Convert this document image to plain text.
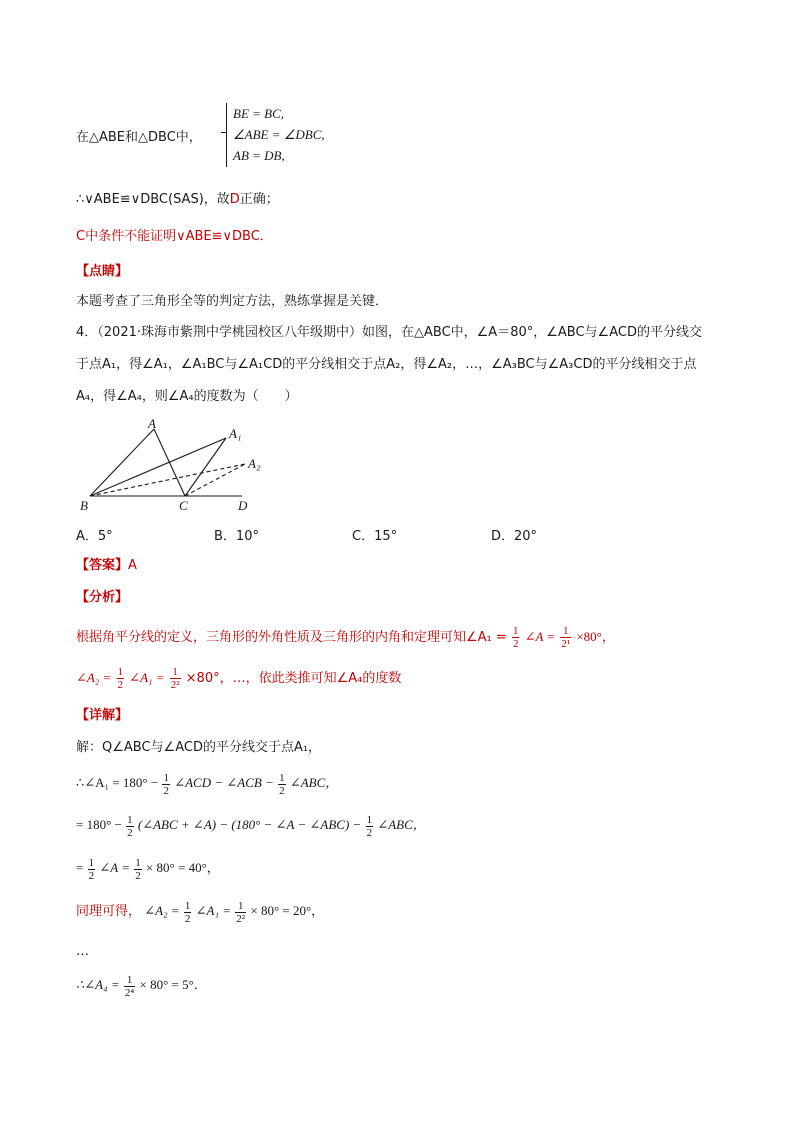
在△ABE和△DBC中，
BE = BC,
∠ABE = ∠DBC,
AB = DB,
∴∨ABE≌∨DBC(SAS)，故D正确；
C中条件不能证明∨ABE≌∨DBC．
【点睛】
本题考查了三角形全等的判定方法，熟练掌握是关键．
4．（2021·珠海市紫荆中学桃园校区八年级期中）如图，在△ABC中，∠A＝80°，∠ABC与∠ACD的平分线交
于点A₁，得∠A₁，∠A₁BC与∠A₁CD的平分线相交于点A₂，得∠A₂，…，∠A₃BC与∠A₃CD的平分线相交于点
A₄，得∠A₄，则∠A₄的度数为（　　）
A
A₁
A₂
B	C	D
A．5°	B．10°	C．15°	D．20°
【答案】A
【分析】
根据角平分线的定义，三角形的外角性质及三角形的内角和定理可知∠A₁ = $\frac{1}{2}$ ∠A = $\frac{1}{\text{2¹}} \times 80^\circ$，
∠A₂ = $\frac{1}{2}$ ∠A₁ = $\frac{1}{\text{2²}} \times 80^\circ$，…，依此类推可知∠A₄的度数
【详解】
解：Q∠ABC与∠ACD的平分线交于点A₁，
∴∠A₁ = $180^\circ - \frac{1}{2}$ ∠ACD − ∠ACB − $\frac{1}{2}$ ∠ABC，
= $180^\circ - \frac{1}{2}$ (∠ABC + ∠A) − (180° − ∠A − ∠ABC) − $\frac{1}{2}$ ∠ABC，
= $\frac{1}{2}$ ∠A = $\frac{1}{2} \times 80^\circ = 40^\circ$，
同理可得， ∠A₂ = $\frac{1}{2}$ ∠A₁ = $\frac{1}{\text{2²}} \times 80^\circ = 20^\circ$，
…
∴∠A₄ = $\frac{1}{\text{2⁴}} \times 80^\circ = 5^\circ$．
